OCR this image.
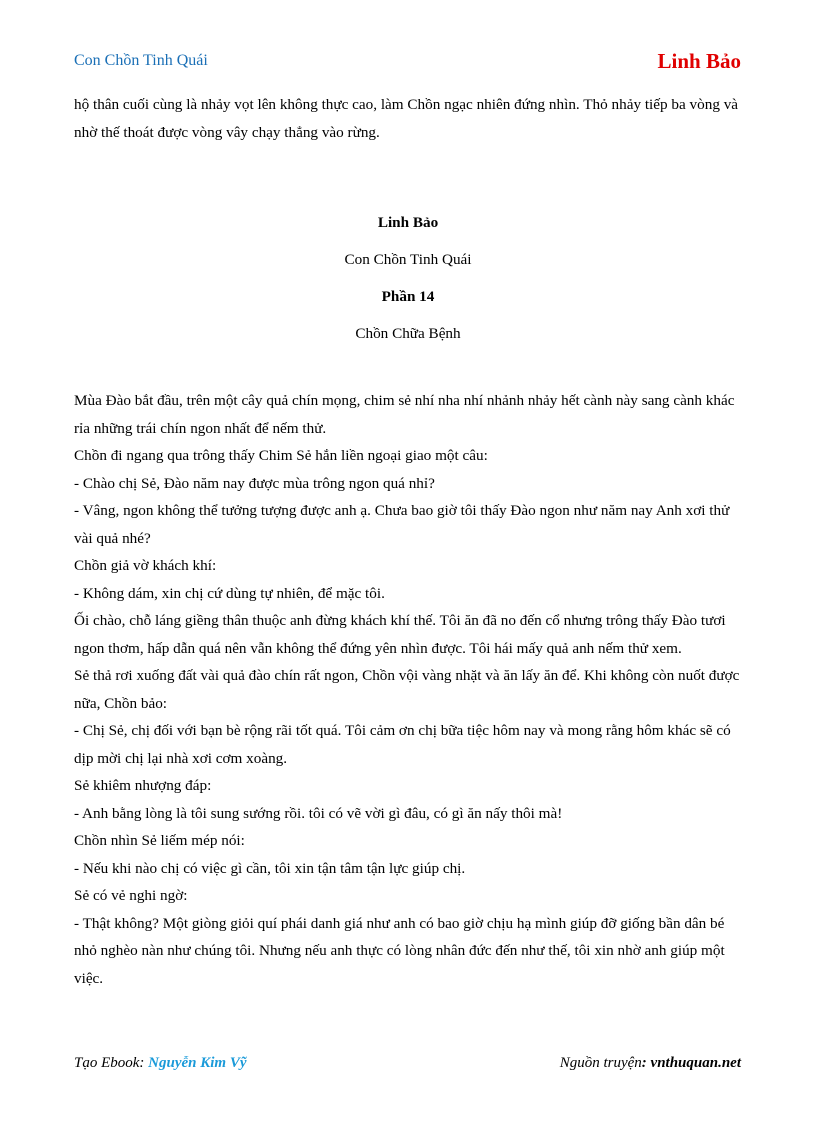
Con Chồn Tinh Quái	Linh Bảo
hộ thân cuối cùng là nhảy vọt lên không thực cao, làm Chồn ngạc nhiên đứng nhìn. Thỏ nhảy tiếp ba vòng và nhờ thế thoát được vòng vây chạy thẳng vào rừng.
Linh Bảo
Con Chồn Tinh Quái
Phần 14
Chồn Chữa Bệnh

Mùa Đào bắt đầu, trên một cây quả chín mọng, chim sẻ nhí nha nhí nhảnh nhảy hết cành này sang cành khác rỉa những trái chín ngon nhất để nếm thử.

Chồn đi ngang qua trông thấy Chim Sẻ hắn liền ngoại giao một câu:

- Chào chị Sẻ, Đào năm nay được mùa trông ngon quá nhỉ?

- Vâng, ngon không thể tưởng tượng được anh ạ. Chưa bao giờ tôi thấy Đào ngon như năm nay Anh xơi thử vài quả nhé?

Chồn giả vờ khách khí:

- Không dám, xin chị cứ dùng tự nhiên, để mặc tôi.

Ối chào, chỗ láng giềng thân thuộc anh đừng khách khí thế. Tôi ăn đã no đến cổ nhưng trông thấy Đào tươi ngon thơm, hấp dẫn quá nên vẫn không thể đứng yên nhìn được. Tôi hái mấy quả anh nếm thử xem.

Sẻ thả rơi xuống đất vài quả đào chín rất ngon, Chồn vội vàng nhặt và ăn lấy ăn để. Khi không còn nuốt được nữa, Chồn bảo:

- Chị Sẻ, chị đối với bạn bè rộng rãi tốt quá. Tôi cảm ơn chị bữa tiệc hôm nay và mong rằng hôm khác sẽ có dịp mời chị lại nhà xơi cơm xoàng.

Sẻ khiêm nhượng đáp:

- Anh bằng lòng là tôi sung sướng rồi. tôi có vẽ vời gì đâu, có gì ăn nấy thôi mà!

Chồn nhìn Sẻ liếm mép nói:

- Nếu khi nào chị có việc gì cần, tôi xin tận tâm tận lực giúp chị.

Sẻ có vẻ nghi ngờ:

- Thật không? Một giòng giỏi quí phái danh giá như anh có bao giờ chịu hạ mình giúp đỡ giống bần dân bé nhỏ nghèo nàn như chúng tôi. Nhưng nếu anh thực có lòng nhân đức đến như thế, tôi xin nhờ anh giúp một việc.

Tạo Ebook: Nguyễn Kim Vỹ	Nguồn truyện: vnthuquan.net
